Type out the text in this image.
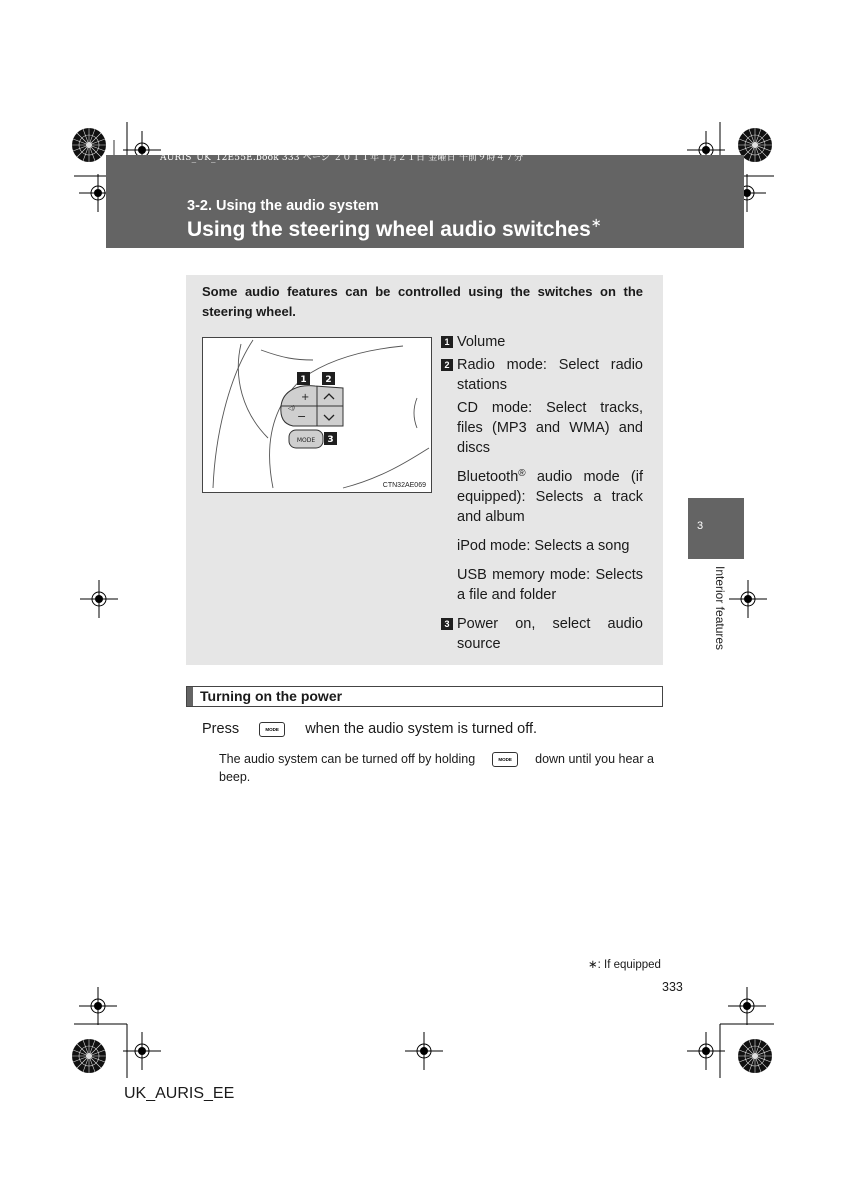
AURIS_UK_12E55E.book 333 ページ ２０１１年１月２１日 金曜日 午前９時４７分
3-2. Using the audio system
Using the steering wheel audio switches∗
3
Interior features
Some audio features can be controlled using the switches on the steering wheel.
+
−
◁)
MODE
1 2
3
CTN32AE069
1 Volume
2 Radio mode: Select radio stations
CD mode: Select tracks, files (MP3 and WMA) and discs
Bluetooth® audio mode (if equipped): Selects a track and album
iPod mode: Selects a song
USB memory mode: Selects a file and folder
3 Power on, select audio source
Turning on the power
Press	MODE when the audio system is turned off.
The audio system can be turned off by holding	MODE down until you hear a beep.
∗: If equipped
333
UK_AURIS_EE
